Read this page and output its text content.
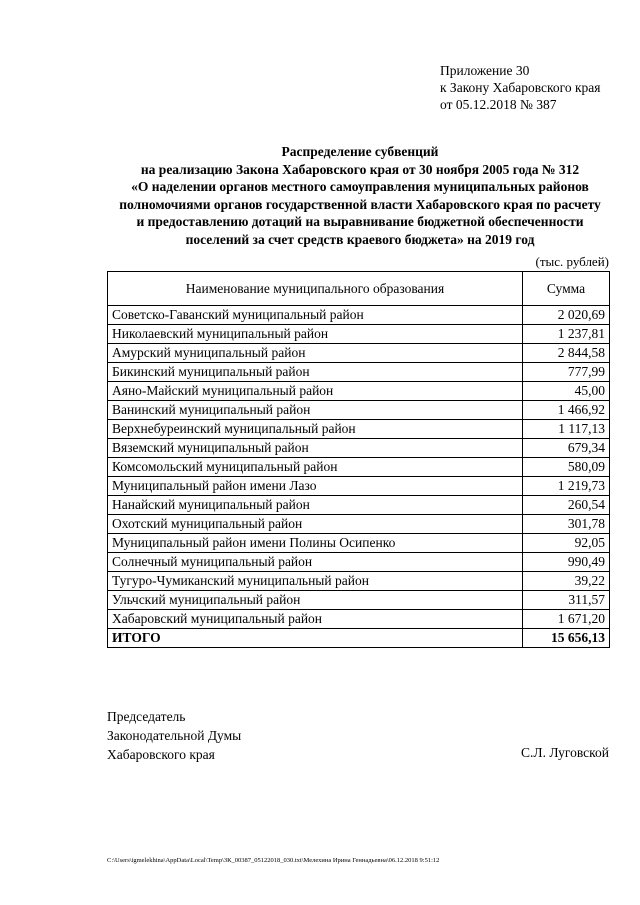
Приложение 30
к Закону Хабаровского края
от 05.12.2018 № 387
Распределение субвенций
на реализацию Закона Хабаровского края от 30 ноября 2005 года № 312
«О наделении органов местного самоуправления муниципальных районов
полномочиями органов государственной власти Хабаровского края по расчету
и предоставлению дотаций на выравнивание бюджетной обеспеченности
поселений за счет средств краевого бюджета» на 2019 год
(тыс. рублей)
Наименование муниципального образования	Сумма
Советско-Гаванский муниципальный район	2 020,69
Николаевский муниципальный район	1 237,81
Амурский муниципальный район	2 844,58
Бикинский муниципальный район	777,99
Аяно-Майский муниципальный район	45,00
Ванинский муниципальный район	1 466,92
Верхнебуреинский муниципальный район	1 117,13
Вяземский муниципальный район	679,34
Комсомольский муниципальный район	580,09
Муниципальный район имени Лазо	1 219,73
Нанайский муниципальный район	260,54
Охотский муниципальный район	301,78
Муниципальный район имени Полины Осипенко	92,05
Солнечный муниципальный район	990,49
Тугуро-Чумиканский муниципальный район	39,22
Ульчский муниципальный район	311,57
Хабаровский муниципальный район	1 671,20
ИТОГО	15 656,13
Председатель
Законодательной Думы
Хабаровского края	С.Л. Луговской
C:\Users\igmelekhina\AppData\Local\Temp\ЗК_00387_05122018_030.txt\Мелехина Ирина Геннадьевна\06.12.2018 9:51:12
